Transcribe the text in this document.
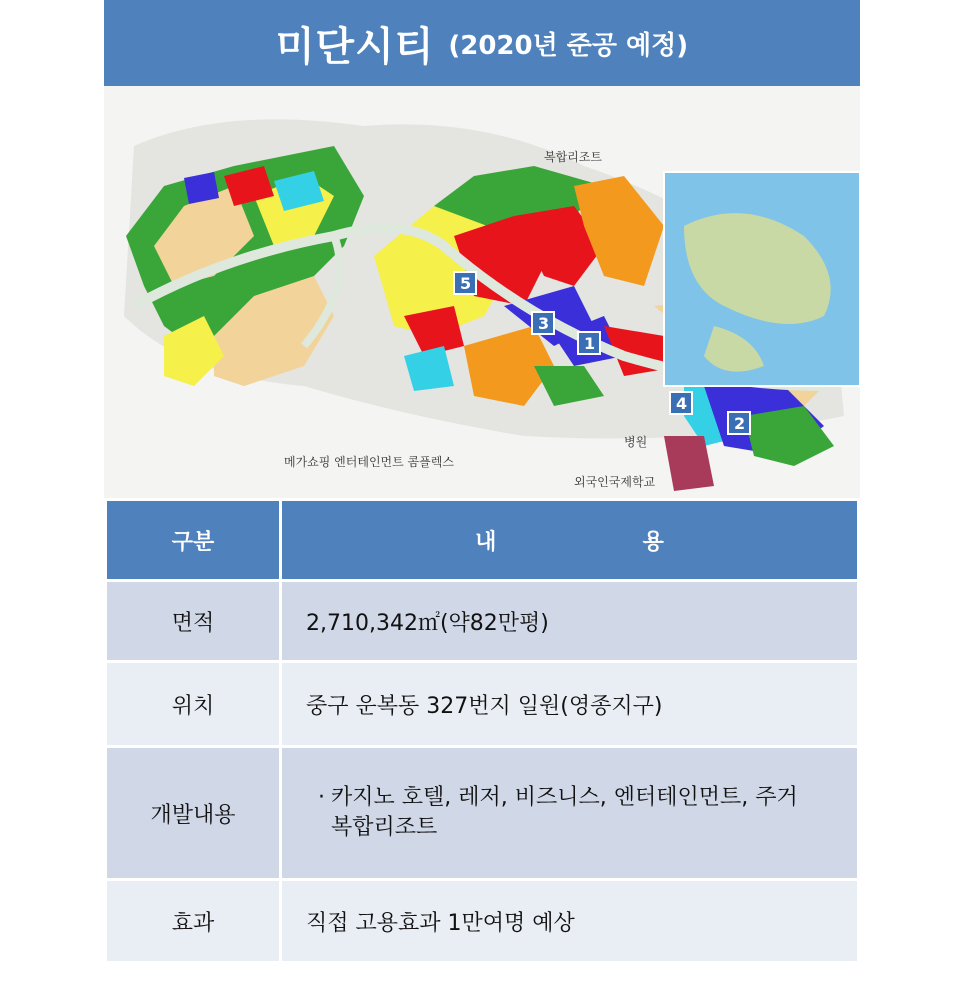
미단시티 (2020년 준공 예정)
복합리조트
메가쇼핑 엔터테인먼트 콤플렉스
병원
외국인국제학교
3
5
1
4
2
구분	내 용

면적	2,710,342㎡(약82만평)
위치	중구 운복동 327번지 일원(영종지구)
개발내용	· 카지노 호텔, 레저, 비즈니스, 엔터테인먼트, 주거 복합리조트

효과	직접 고용효과 1만여명 예상
